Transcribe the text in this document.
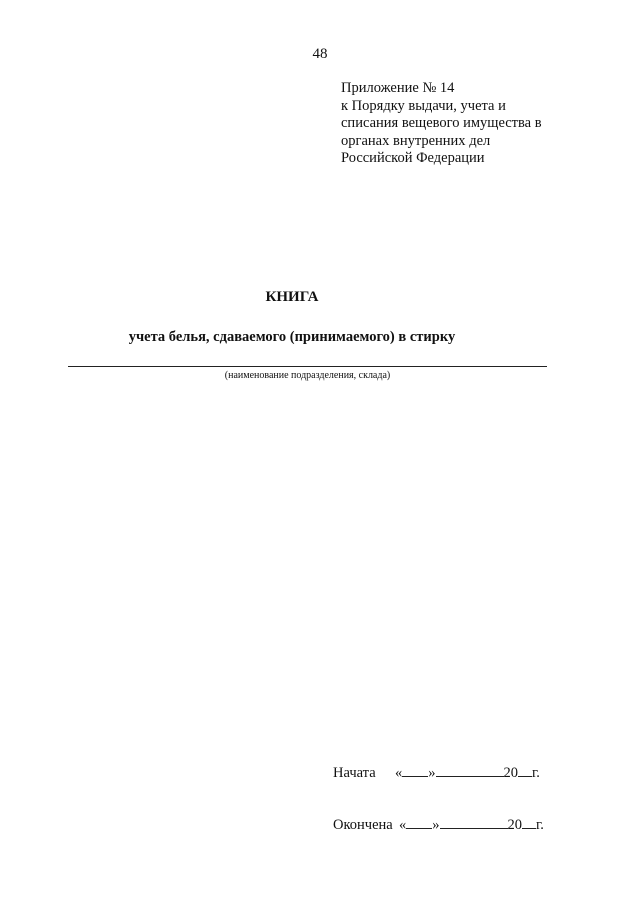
48
Приложение № 14
к Порядку выдачи, учета и
списания вещевого имущества в
органах внутренних дел
Российской Федерации
КНИГА
учета белья, сдаваемого (принимаемого) в стирку
(наименование подразделения, склада)
Начата « »	20 г.
Окончена « »	20 г.
